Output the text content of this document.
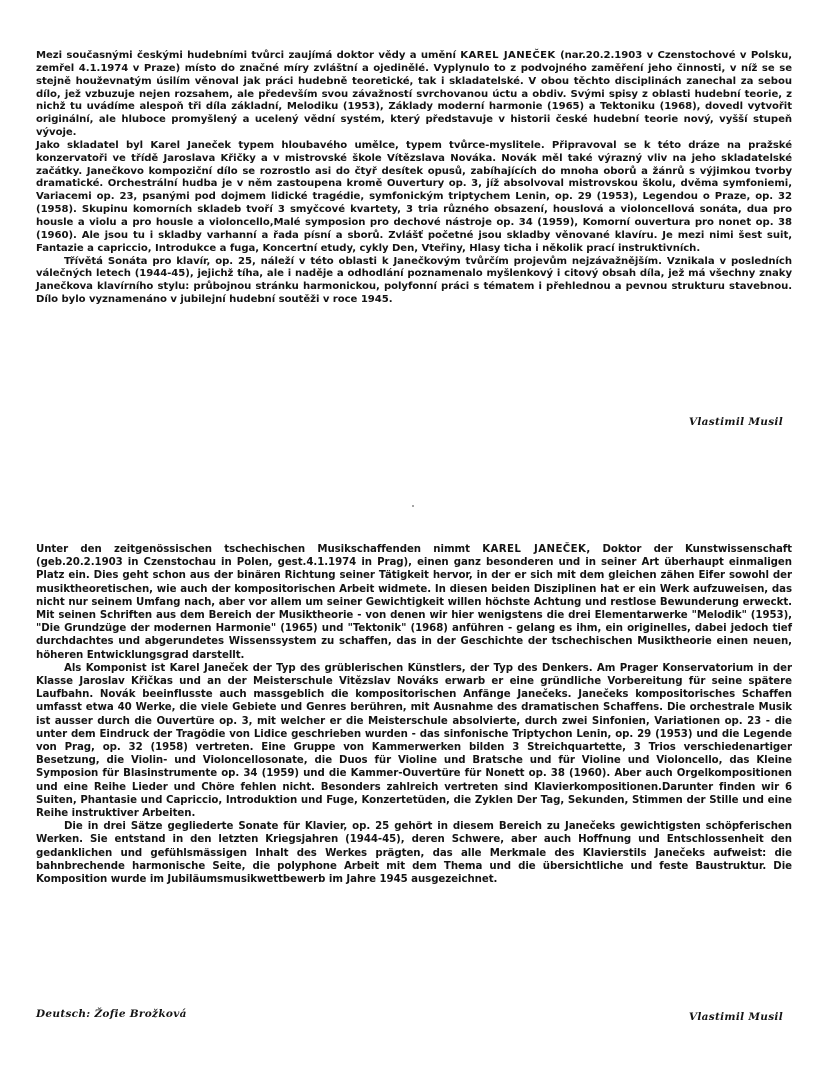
Mezi současnými českými hudebními tvůrci zaujímá doktor vědy a umění KAREL JANEČEK (nar.20.2.1903 v Czenstochové v Polsku, zemřel 4.1.1974 v Praze) místo do značné míry zvláštní a ojedinělé. Vyplynulo to z podvojného zaměření jeho činnosti, v níž se se stejně houževnatým úsilím věnoval jak práci hudebně teoretické, tak i skladatelské. V obou těchto disciplinách zanechal za sebou dílo, jež vzbuzuje nejen rozsahem, ale především svou závažností svrchovanou úctu a obdiv. Svými spisy z oblasti hudební teorie, z nichž tu uvádíme alespoň tři díla základní, Melodiku (1953), Základy moderní harmonie (1965) a Tektoniku (1968), dovedl vytvořit originální, ale hluboce promyšlený a ucelený vědní systém, který představuje v historii české hudební teorie nový, vyšší stupeň vývoje.

Jako skladatel byl Karel Janeček typem hloubavého umělce, typem tvůrce-myslitele. Připravoval se k této dráze na pražské konzervatoři ve třídě Jaroslava Křičky a v mistrovské škole Vítězslava Nováka. Novák měl také výrazný vliv na jeho skladatelské začátky. Janečkovo kompoziční dílo se rozrostlo asi do čtyř desítek opusů, zabíhajících do mnoha oborů a žánrů s výjimkou tvorby dramatické. Orchestrální hudba je v něm zastoupena kromě Ouvertury op. 3, jíž absolvoval mistrovskou školu, dvěma symfoniemi, Variacemi op. 23, psanými pod dojmem lidické tragédie, symfonickým triptychem Lenin, op. 29 (1953), Legendou o Praze, op. 32 (1958). Skupinu komorních skladeb tvoří 3 smyčcové kvartety, 3 tria různého obsazení, houslová a violoncellová sonáta, dua pro housle a violu a pro housle a violoncello,Malé symposion pro dechové nástroje op. 34 (1959), Komorní ouvertura pro nonet op. 38 (1960). Ale jsou tu i skladby varhanní a řada písní a sborů. Zvlášť početné jsou skladby věnované klavíru. Je mezi nimi šest suit, Fantazie a capriccio, Introdukce a fuga, Koncertní etudy, cykly Den, Vteřiny, Hlasy ticha i několik prací instruktivních.

Třívětá Sonáta pro klavír, op. 25, náleží v této oblasti k Janečkovým tvůrčím projevům nejzávažnějším. Vznikala v posledních válečných letech (1944-45), jejichž tíha, ale i naděje a odhodlání poznamenalo myšlenkový i citový obsah díla, jež má všechny znaky Janečkova klavírního stylu: průbojnou stránku harmonickou, polyfonní práci s tématem i přehlednou a pevnou strukturu stavebnou. Dílo bylo vyznamenáno v jubilejní hudební soutěži v roce 1945.

Vlastimil Musil

Unter den zeitgenössischen tschechischen Musikschaffenden nimmt KAREL JANEČEK, Doktor der Kunstwissenschaft (geb.20.2.1903 in Czenstochau in Polen, gest.4.1.1974 in Prag), einen ganz besonderen und in seiner Art überhaupt einmaligen Platz ein. Dies geht schon aus der binären Richtung seiner Tätigkeit hervor, in der er sich mit dem gleichen zähen Eifer sowohl der musiktheoretischen, wie auch der kompositorischen Arbeit widmete. In diesen beiden Disziplinen hat er ein Werk aufzuweisen, das nicht nur seinem Umfang nach, aber vor allem um seiner Gewichtigkeit willen höchste Achtung und restlose Bewunderung erweckt. Mit seinen Schriften aus dem Bereich der Musiktheorie - von denen wir hier wenigstens die drei Elementarwerke "Melodik" (1953), "Die Grundzüge der modernen Harmonie" (1965) und "Tektonik" (1968) anführen - gelang es ihm, ein originelles, dabei jedoch tief durchdachtes und abgerundetes Wissenssystem zu schaffen, das in der Geschichte der tschechischen Musiktheorie einen neuen, höheren Entwicklungsgrad darstellt.

Als Komponist ist Karel Janeček der Typ des grüblerischen Künstlers, der Typ des Denkers. Am Prager Konservatorium in der Klasse Jaroslav Křičkas und an der Meisterschule Vitězslav Nováks erwarb er eine gründliche Vorbereitung für seine spätere Laufbahn. Novák beeinflusste auch massgeblich die kompositorischen Anfänge Janečeks. Janečeks kompositorisches Schaffen umfasst etwa 40 Werke, die viele Gebiete und Genres berühren, mit Ausnahme des dramatischen Schaffens. Die orchestrale Musik ist ausser durch die Ouvertüre op. 3, mit welcher er die Meisterschule absolvierte, durch zwei Sinfonien, Variationen op. 23 - die unter dem Eindruck der Tragödie von Lidice geschrieben wurden - das sinfonische Triptychon Lenin, op. 29 (1953) und die Legende von Prag, op. 32 (1958) vertreten. Eine Gruppe von Kammerwerken bilden 3 Streichquartette, 3 Trios verschiedenartiger Besetzung, die Violin- und Violoncellosonate, die Duos für Violine und Bratsche und für Violine und Violoncello, das Kleine Symposion für Blasinstrumente op. 34 (1959) und die Kammer-Ouvertüre für Nonett op. 38 (1960). Aber auch Orgelkompositionen und eine Reihe Lieder und Chöre fehlen nicht. Besonders zahlreich vertreten sind Klavierkompositionen.Darunter finden wir 6 Suiten, Phantasie und Capriccio, Introduktion und Fuge, Konzertetüden, die Zyklen Der Tag, Sekunden, Stimmen der Stille und eine Reihe instruktiver Arbeiten.

Die in drei Sätze gegliederte Sonate für Klavier, op. 25 gehört in diesem Bereich zu Janečeks gewichtigsten schöpferischen Werken. Sie entstand in den letzten Kriegsjahren (1944-45), deren Schwere, aber auch Hoffnung und Entschlossenheit den gedanklichen und gefühlsmässigen Inhalt des Werkes prägten, das alle Merkmale des Klavierstils Janečeks aufweist: die bahnbrechende harmonische Seite, die polyphone Arbeit mit dem Thema und die übersichtliche und feste Baustruktur. Die Komposition wurde im Jubiläumsmusikwettbewerb im Jahre 1945 ausgezeichnet.

Deutsch: Žofie Brožková	Vlastimil Musil
